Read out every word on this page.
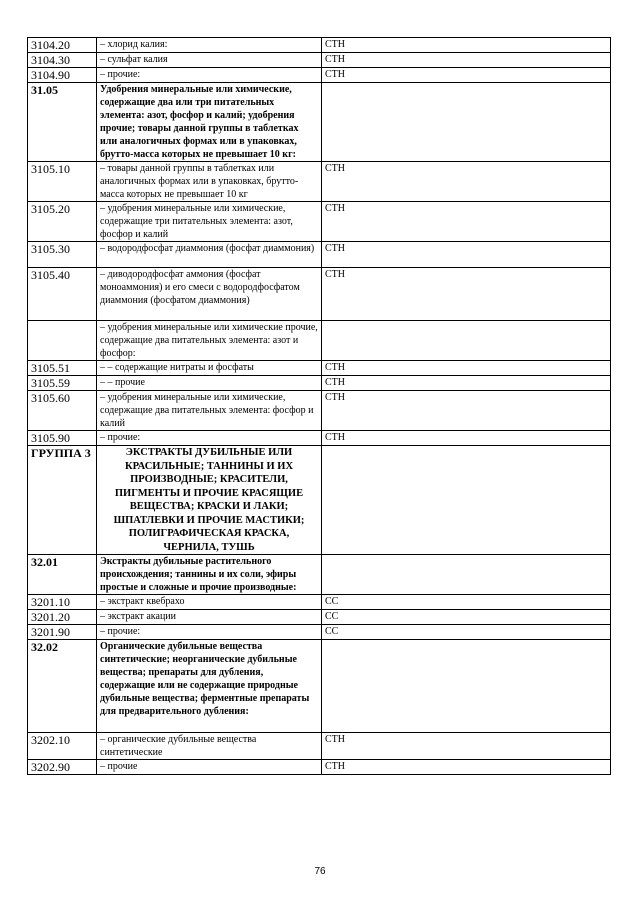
3104.20	– хлорид калия:	СТН
3104.30	– сульфат калия	СТН
3104.90	– прочие:	СТН
31.05	Удобрения минеральные или химические, содержащие два или три питательных элемента: азот, фосфор и калий; удобрения прочие; товары данной группы в таблетках или аналогичных формах или в упаковках, брутто-масса которых не превышает 10 кг:	
3105.10	– товары данной группы в таблетках или аналогичных формах или в упаковках, брутто-масса которых не превышает 10 кг	СТН
3105.20	– удобрения минеральные или химические, содержащие три питательных элемента: азот, фосфор и калий	СТН
3105.30	– водородфосфат диаммония (фосфат диаммония)	СТН
3105.40	– диводородфосфат аммония (фосфат моноаммония) и его смеси с водородфосфатом диаммония (фосфатом диаммония)	СТН
	– удобрения минеральные или химические прочие, содержащие два питательных элемента: азот и фосфор:	
3105.51	– – содержащие нитраты и фосфаты	СТН
3105.59	– – прочие	СТН
3105.60	– удобрения минеральные или химические, содержащие два питательных элемента: фосфор и калий	СТН
3105.90	– прочие:	СТН
ГРУППА 3	ЭКСТРАКТЫ ДУБИЛЬНЫЕ ИЛИ КРАСИЛЬНЫЕ; ТАННИНЫ И ИХ ПРОИЗВОДНЫЕ; КРАСИТЕЛИ, ПИГМЕНТЫ И ПРОЧИЕ КРАСЯЩИЕ ВЕЩЕСТВА; КРАСКИ И ЛАКИ; ШПАТЛЕВКИ И ПРОЧИЕ МАСТИКИ; ПОЛИГРАФИЧЕСКАЯ КРАСКА, ЧЕРНИЛА, ТУШЬ	
32.01	Экстракты дубильные растительного происхождения; таннины и их соли, эфиры простые и сложные и прочие производные:	
3201.10	– экстракт квебрахо	СС
3201.20	– экстракт акации	СС
3201.90	– прочие:	СС
32.02	Органические дубильные вещества синтетические; неорганические дубильные вещества; препараты для дубления, содержащие или не содержащие природные дубильные вещества; ферментные препараты для предварительного дубления:	
3202.10	– органические дубильные вещества синтетические	СТН
3202.90	– прочие	СТН
76
